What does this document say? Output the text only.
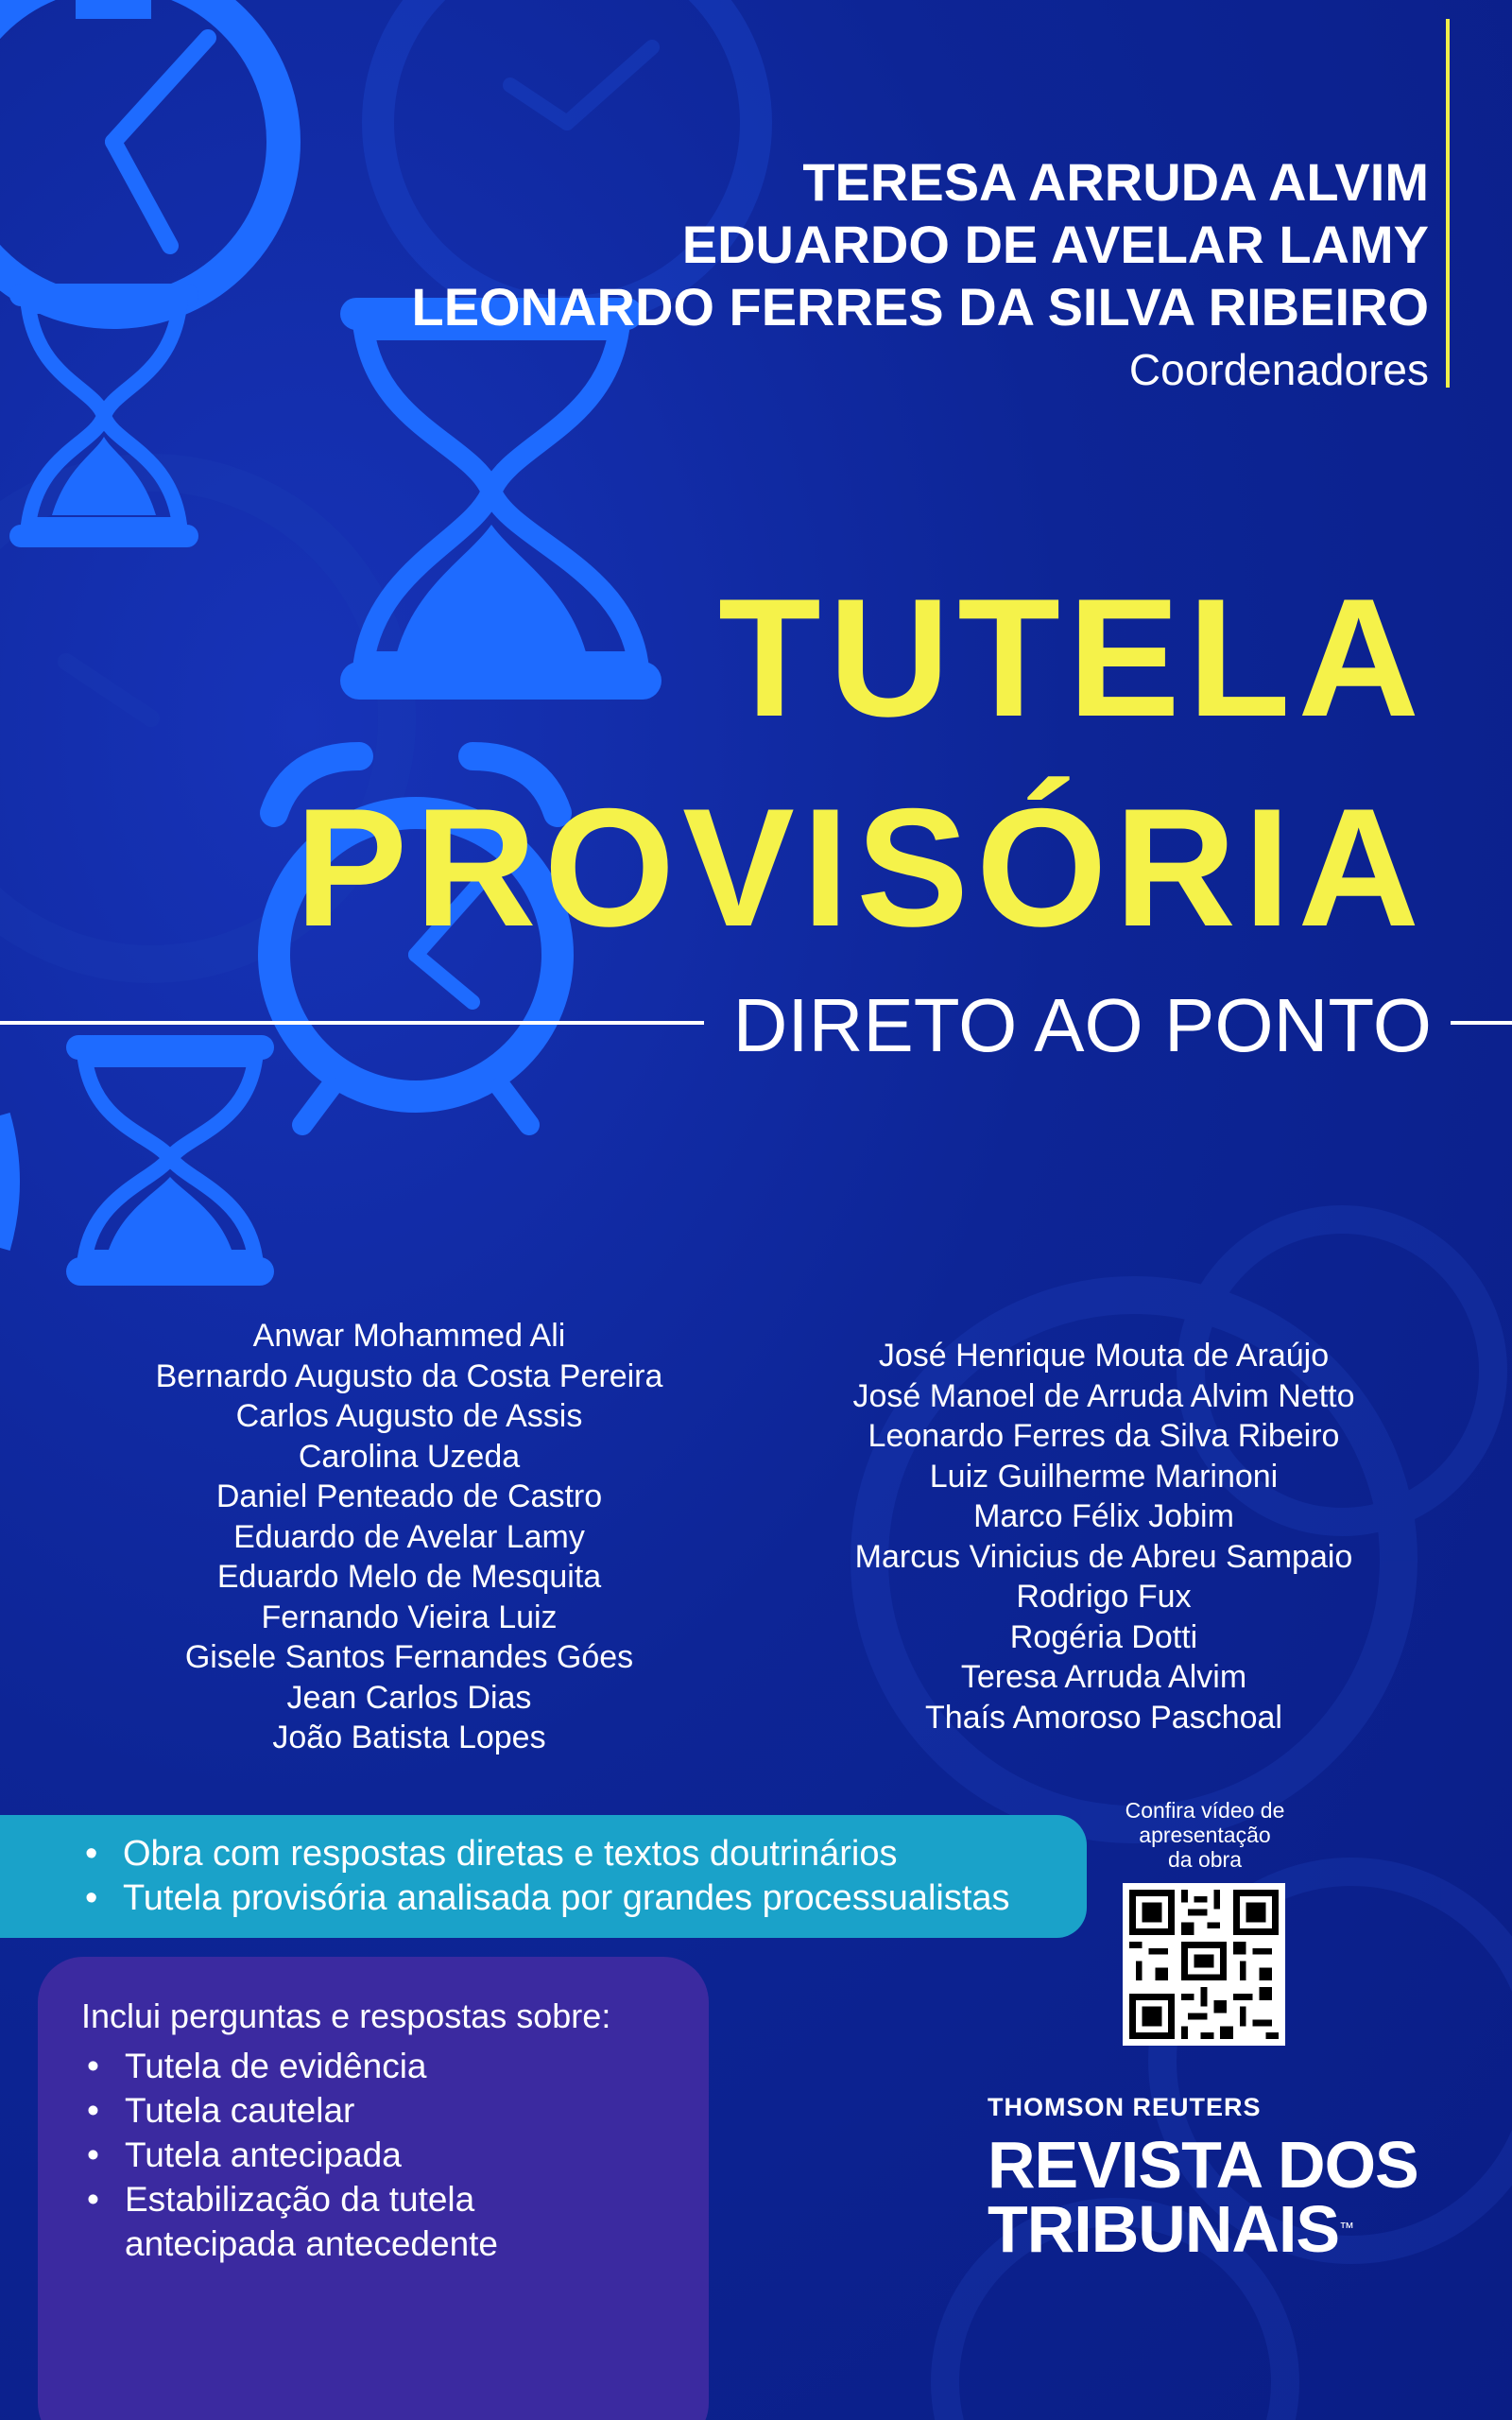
TERESA ARRUDA ALVIM
EDUARDO DE AVELAR LAMY
LEONARDO FERRES DA SILVA RIBEIRO
Coordenadores
TUTELA
PROVISÓRIA
DIRETO AO PONTO
Anwar Mohammed Ali
Bernardo Augusto da Costa Pereira
Carlos Augusto de Assis
Carolina Uzeda
Daniel Penteado de Castro
Eduardo de Avelar Lamy
Eduardo Melo de Mesquita
Fernando Vieira Luiz
Gisele Santos Fernandes Góes
Jean Carlos Dias
João Batista Lopes
José Henrique Mouta de Araújo
José Manoel de Arruda Alvim Netto
Leonardo Ferres da Silva Ribeiro
Luiz Guilherme Marinoni
Marco Félix Jobim
Marcus Vinicius de Abreu Sampaio
Rodrigo Fux
Rogéria Dotti
Teresa Arruda Alvim
Thaís Amoroso Paschoal
• Obra com respostas diretas e textos doutrinários
• Tutela provisória analisada por grandes processualistas
Inclui perguntas e respostas sobre:
• Tutela de evidência
• Tutela cautelar
• Tutela antecipada
• Estabilização da tutela antecipada antecedente
Confira vídeo de
apresentação
da obra
THOMSON REUTERS
REVISTA DOS
TRIBUNAIS™
